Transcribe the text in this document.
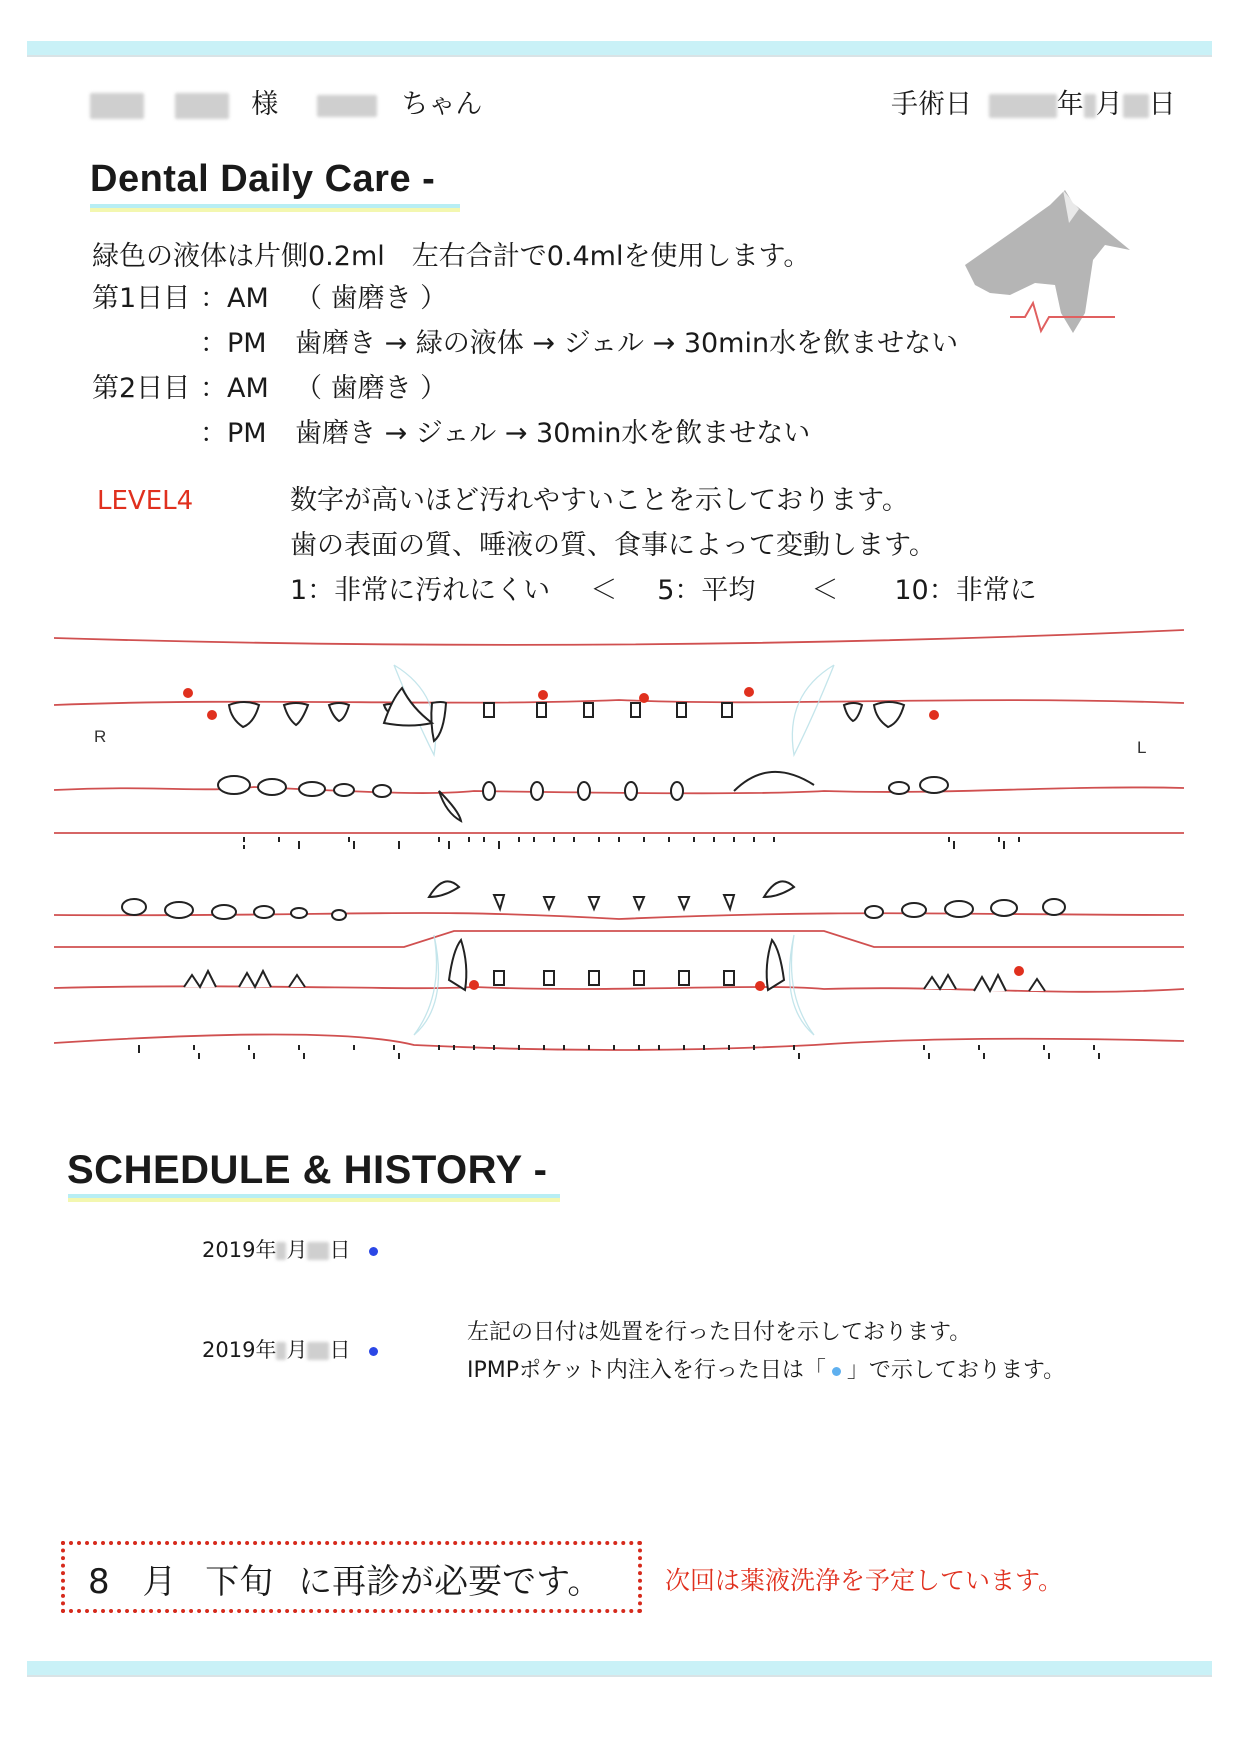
様	ちゃん	手術日	年 月 日
Dental Daily Care -
緑色の液体は片側0.2ml　左右合計で0.4mlを使用します。
第1日目 ：AM （ 歯磨き ）
：PM 歯磨き → 緑の液体 → ジェル → 30min水を飲ませない
第2日目 ：AM （ 歯磨き ）
：PM 歯磨き → ジェル → 30min水を飲ませない
LEVEL4	数字が高いほど汚れやすいことを示しております。
歯の表面の質、唾液の質、食事によって変動します。
1：非常に汚れにくい ＜ 5：平均 ＜ 10：非常に
R
L
SCHEDULE & HISTORY -
2019年 月 日
2019年 月 日
左記の日付は処置を行った日付を示しております。
IPMPポケット内注入を行った日は「 」で示しております。
8 月 下旬 に再診が必要です。	次回は薬液洗浄を予定しています。
